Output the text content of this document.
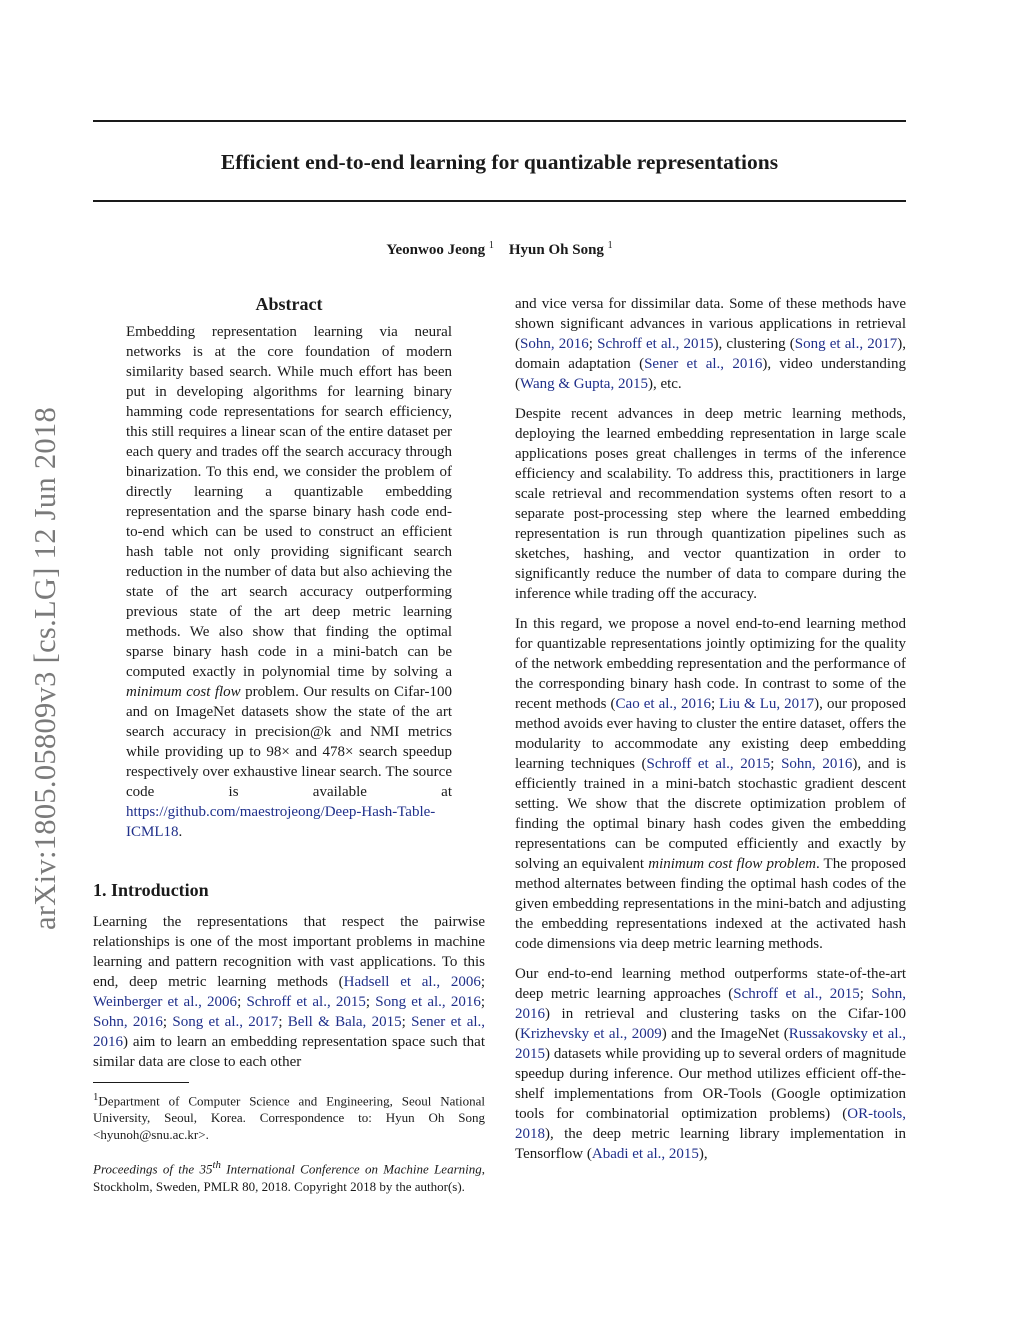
Efficient end-to-end learning for quantizable representations
Yeonwoo Jeong $^1$ Hyun Oh Song $^1$
arXiv:1805.05809v3 [cs.LG] 12 Jun 2018
Abstract

Embedding representation learning via neural networks is at the core foundation of modern similarity based search. While much effort has been put in developing algorithms for learning binary hamming code representations for search efficiency, this still requires a linear scan of the entire dataset per each query and trades off the search accuracy through binarization. To this end, we consider the problem of directly learning a quantizable embedding representation and the sparse binary hash code end-to-end which can be used to construct an efficient hash table not only providing significant search reduction in the number of data but also achieving the state of the art search accuracy outperforming previous state of the art deep metric learning methods. We also show that finding the optimal sparse binary hash code in a mini-batch can be computed exactly in polynomial time by solving a minimum cost flow problem. Our results on Cifar-100 and on ImageNet datasets show the state of the art search accuracy in precision@k and NMI metrics while providing up to 98× and 478× search speedup respectively over exhaustive linear search. The source code is available at https://github.com/maestrojeong/Deep-Hash-Table-ICML18.

1. Introduction

Learning the representations that respect the pairwise relationships is one of the most important problems in machine learning and pattern recognition with vast applications. To this end, deep metric learning methods (Hadsell et al., 2006; Weinberger et al., 2006; Schroff et al., 2015; Song et al., 2016; Sohn, 2016; Song et al., 2017; Bell & Bala, 2015; Sener et al., 2016) aim to learn an embedding representation space such that similar data are close to each other

$^1$Department of Computer Science and Engineering, Seoul National University, Seoul, Korea. Correspondence to: Hyun Oh Song <hyunoh@snu.ac.kr>.

Proceedings of the 35th International Conference on Machine Learning, Stockholm, Sweden, PMLR 80, 2018. Copyright 2018 by the author(s).

and vice versa for dissimilar data. Some of these methods have shown significant advances in various applications in retrieval (Sohn, 2016; Schroff et al., 2015), clustering (Song et al., 2017), domain adaptation (Sener et al., 2016), video understanding (Wang & Gupta, 2015), etc.

Despite recent advances in deep metric learning methods, deploying the learned embedding representation in large scale applications poses great challenges in terms of the inference efficiency and scalability. To address this, practitioners in large scale retrieval and recommendation systems often resort to a separate post-processing step where the learned embedding representation is run through quantization pipelines such as sketches, hashing, and vector quantization in order to significantly reduce the number of data to compare during the inference while trading off the accuracy.

In this regard, we propose a novel end-to-end learning method for quantizable representations jointly optimizing for the quality of the network embedding representation and the performance of the corresponding binary hash code. In contrast to some of the recent methods (Cao et al., 2016; Liu & Lu, 2017), our proposed method avoids ever having to cluster the entire dataset, offers the modularity to accommodate any existing deep embedding learning techniques (Schroff et al., 2015; Sohn, 2016), and is efficiently trained in a mini-batch stochastic gradient descent setting. We show that the discrete optimization problem of finding the optimal binary hash codes given the embedding representations can be computed efficiently and exactly by solving an equivalent minimum cost flow problem. The proposed method alternates between finding the optimal hash codes of the given embedding representations in the mini-batch and adjusting the embedding representations indexed at the activated hash code dimensions via deep metric learning methods.

Our end-to-end learning method outperforms state-of-the-art deep metric learning approaches (Schroff et al., 2015; Sohn, 2016) in retrieval and clustering tasks on the Cifar-100 (Krizhevsky et al., 2009) and the ImageNet (Russakovsky et al., 2015) datasets while providing up to several orders of magnitude speedup during inference. Our method utilizes efficient off-the-shelf implementations from OR-Tools (Google optimization tools for combinatorial optimization problems) (OR-tools, 2018), the deep metric learning library implementation in Tensorflow (Abadi et al., 2015),
